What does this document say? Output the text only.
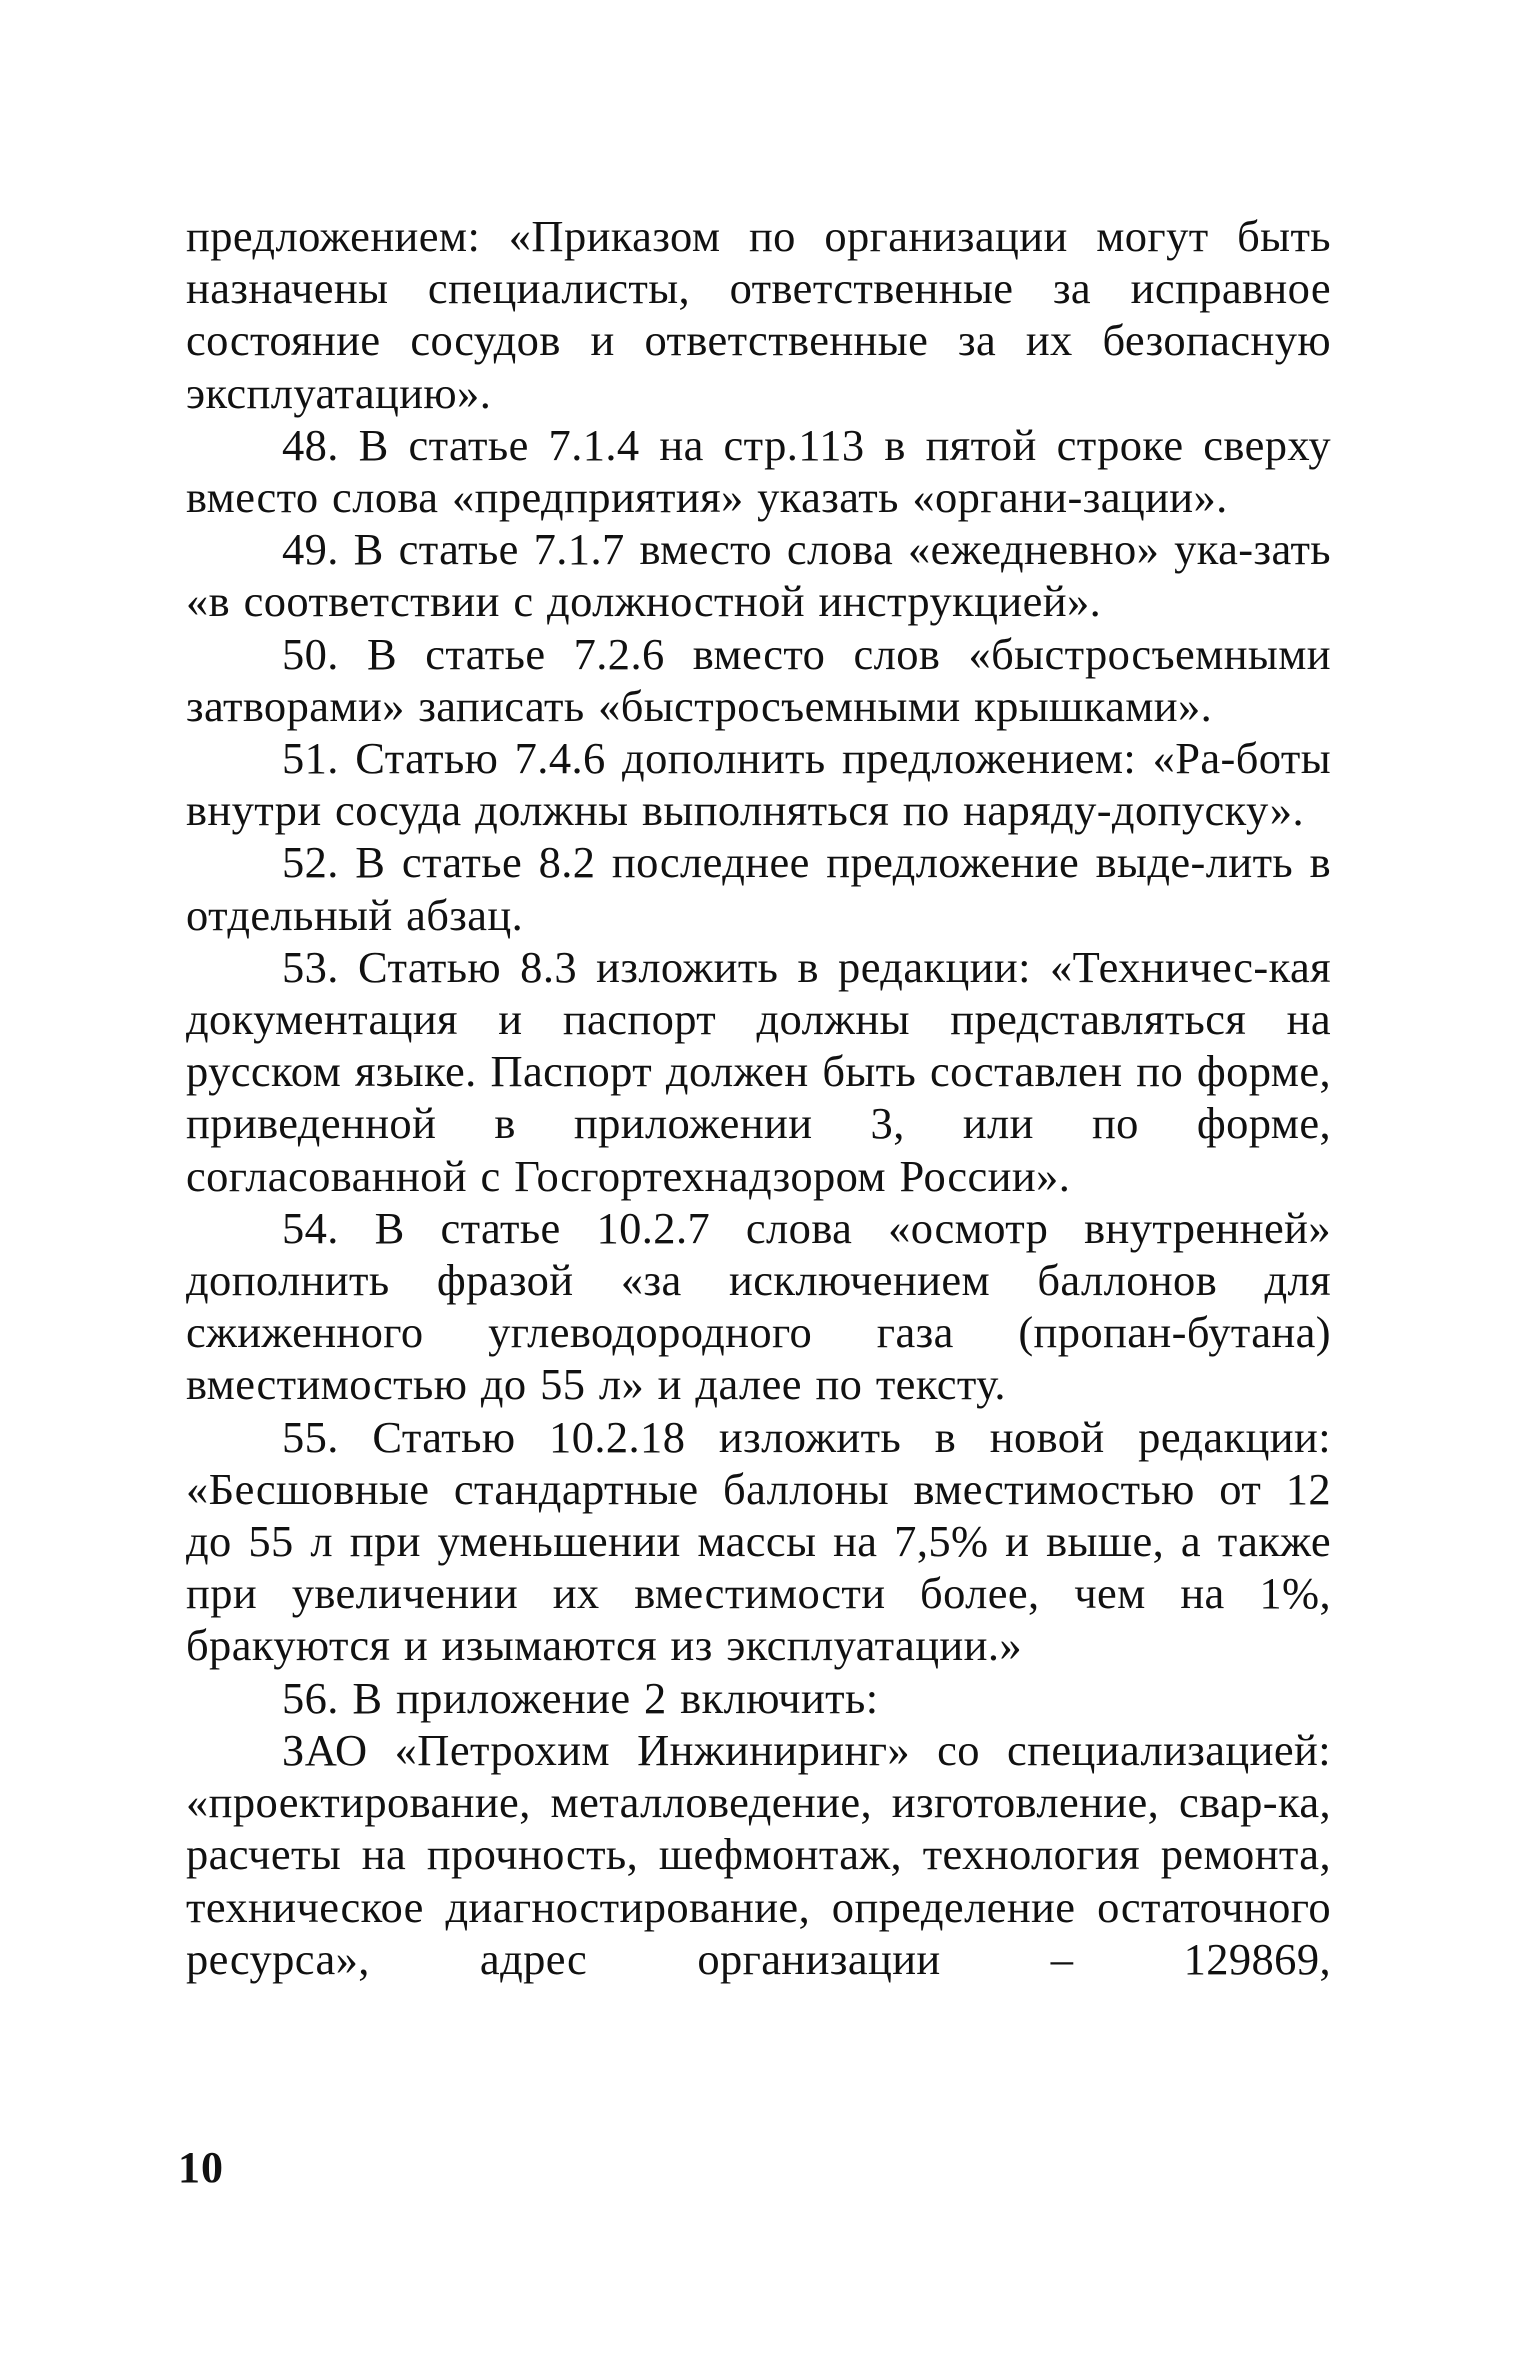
предложением: «Приказом по организации могут быть назначены специалисты, ответственные за исправное состояние сосудов и ответственные за их безопасную эксплуатацию».

48. В статье 7.1.4 на стр.113 в пятой строке сверху вместо слова «предприятия» указать «органи-зации».

49. В статье 7.1.7 вместо слова «ежедневно» ука-зать «в соответствии с должностной инструкцией».

50. В статье 7.2.6 вместо слов «быстросъемными затворами» записать «быстросъемными крышками».

51. Статью 7.4.6 дополнить предложением: «Ра-боты внутри сосуда должны выполняться по наряду-допуску».

52. В статье 8.2 последнее предложение выде-лить в отдельный абзац.

53. Статью 8.3 изложить в редакции: «Техничес-кая документация и паспорт должны представляться на русском языке. Паспорт должен быть составлен по форме, приведенной в приложении 3, или по форме, согласованной с Госгортехнадзором России».

54. В статье 10.2.7 слова «осмотр внутренней» дополнить фразой «за исключением баллонов для сжиженного углеводородного газа (пропан-бутана) вместимостью до 55 л» и далее по тексту.

55. Статью 10.2.18 изложить в новой редакции: «Бесшовные стандартные баллоны вместимостью от 12 до 55 л при уменьшении массы на 7,5% и выше, а также при увеличении их вместимости более, чем на 1%, бракуются и изымаются из эксплуатации.»

56. В приложение 2 включить:

ЗАО «Петрохим Инжиниринг» со специализацией: «проектирование, металловедение, изготовление, свар-ка, расчеты на прочность, шефмонтаж, технология ремонта, техническое диагностирование, определение остаточного ресурса», адрес организации – 129869,

10
